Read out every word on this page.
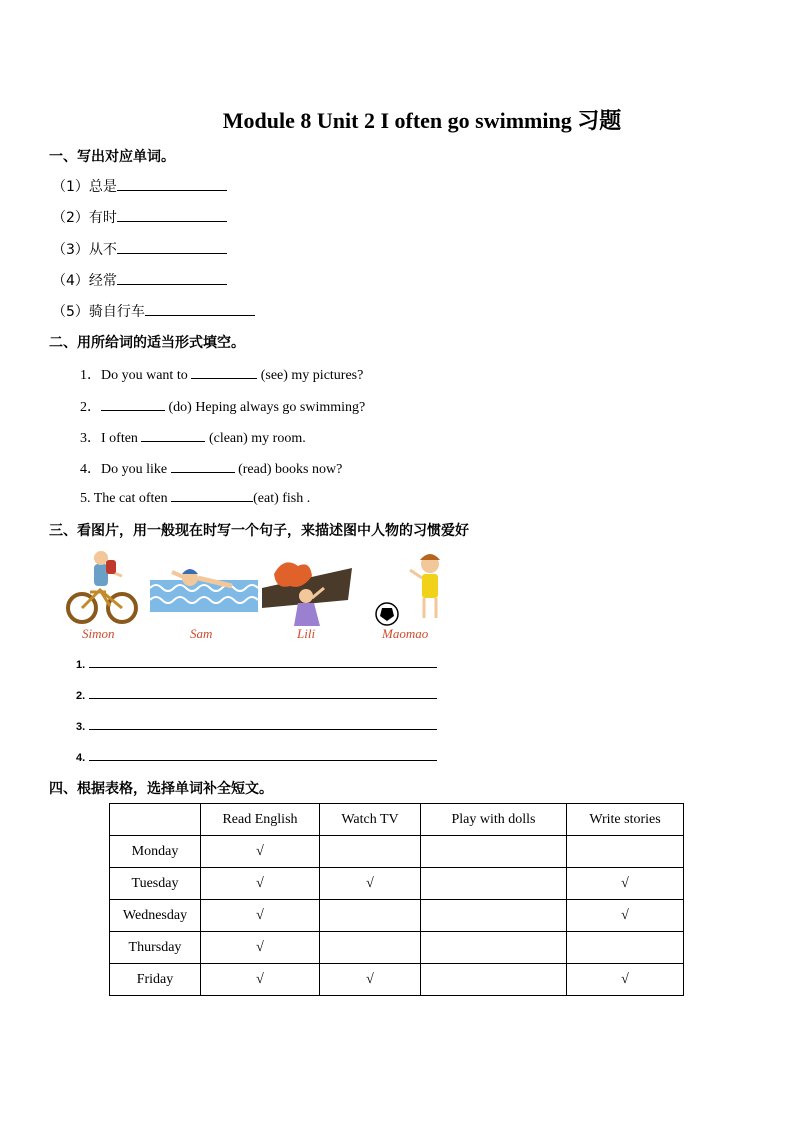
Module 8 Unit 2 I often go swimming 习题
一、写出对应单词。
（1）总是
（2）有时
（3）从不
（4）经常
（5）骑自行车
二、用所给词的适当形式填空。
1．Do you want to	(see) my pictures?
2．	(do) Heping always go swimming?
3．I often	(clean) my room.
4．Do you like	(read) books now?
5. The cat often	(eat) fish .
三、看图片，用一般现在时写一个句子，来描述图中人物的习惯爱好
Simon	Sam	Lili	Maomao
1.
2.
3.
4.
四、根据表格，选择单词补全短文。
	Read English	Watch TV	Play with dolls	Write stories
Monday	√			
Tuesday	√	√		√
Wednesday	√			√
Thursday	√			
Friday	√	√		√
